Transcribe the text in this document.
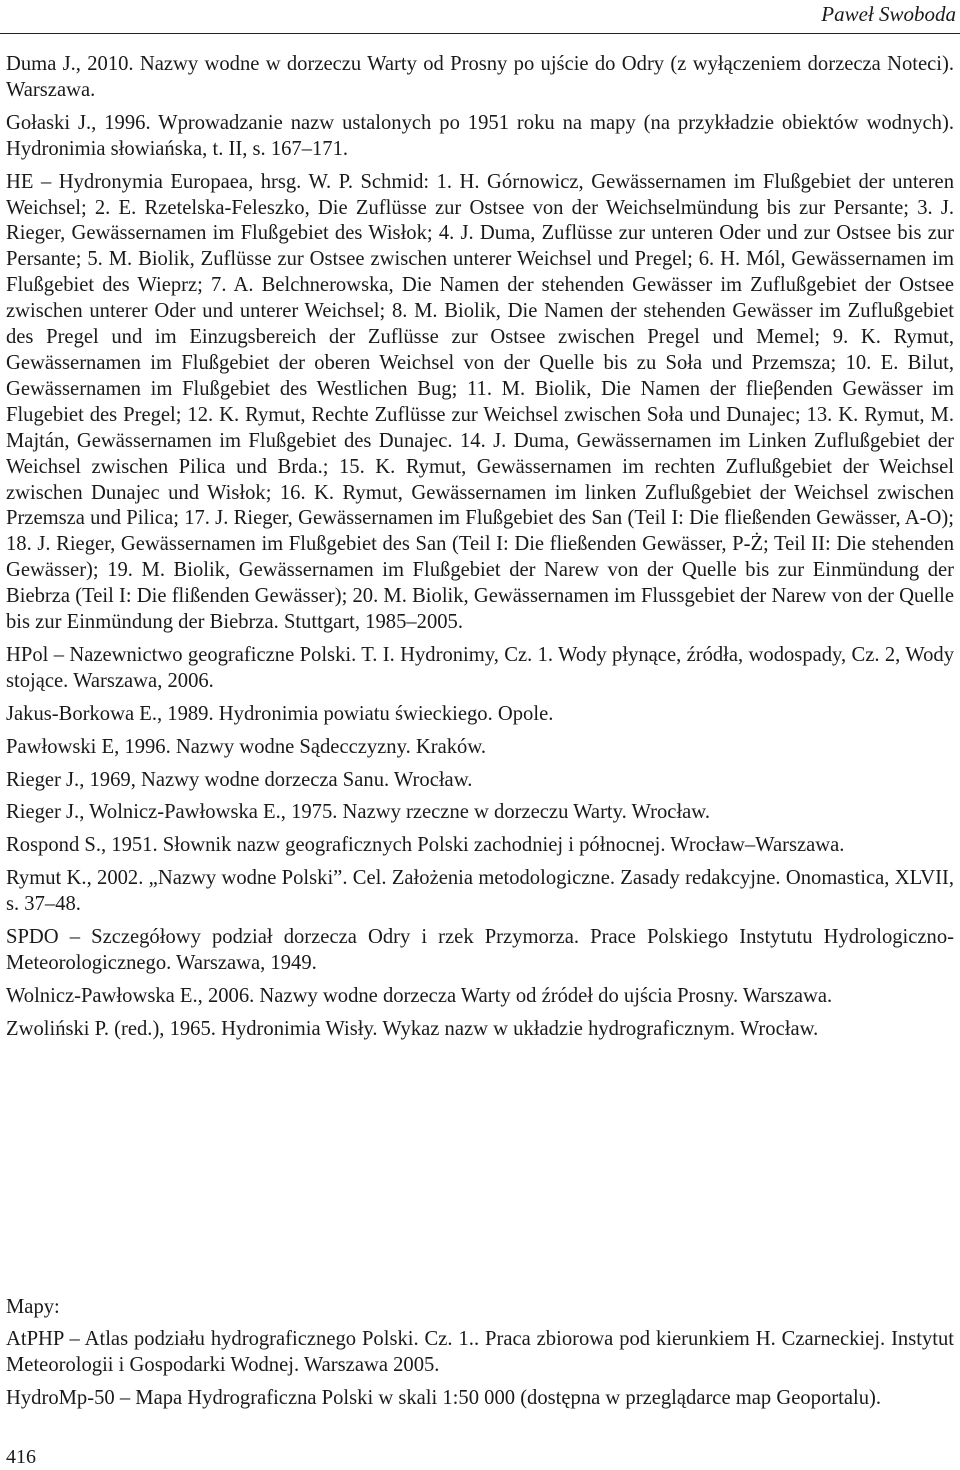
Paweł Swoboda

Duma J., 2010. Nazwy wodne w dorzeczu Warty od Prosny po ujście do Odry (z wyłączeniem dorzecza Noteci). Warszawa.

Gołaski J., 1996. Wprowadzanie nazw ustalonych po 1951 roku na mapy (na przykładzie obiektów wodnych). Hydronimia słowiańska, t. II, s. 167–171.

HE – Hydronymia Europaea, hrsg. W. P. Schmid: 1. H. Górnowicz, Gewässernamen im Flußgebiet der unteren Weichsel; 2. E. Rzetelska-Feleszko, Die Zuflüsse zur Ostsee von der Weichselmündung bis zur Persante; 3. J. Rieger, Gewässernamen im Flußgebiet des Wisłok; 4. J. Duma, Zuflüsse zur unteren Oder und zur Ostsee bis zur Persante; 5. M. Biolik, Zuflüsse zur Ostsee zwischen unterer Weichsel und Pregel; 6. H. Mól, Gewässernamen im Flußgebiet des Wieprz; 7. A. Belchnerowska, Die Namen der stehenden Gewässer im Zuflußgebiet der Ostsee zwischen unterer Oder und unterer Weichsel; 8. M. Biolik, Die Namen der stehenden Gewässer im Zuflußgebiet des Pregel und im Einzugsbereich der Zuflüsse zur Ostsee zwischen Pregel und Memel; 9. K. Rymut, Gewässernamen im Flußgebiet der oberen Weichsel von der Quelle bis zu Soła und Przemsza; 10. E. Bilut, Gewässernamen im Flußgebiet des Westlichen Bug; 11. M. Biolik, Die Namen der flieβenden Gewässer im Flugebiet des Pregel; 12. K. Rymut, Rechte Zuflüsse zur Weichsel zwischen Soła und Dunajec; 13. K. Rymut, M. Majtán, Gewässernamen im Flußgebiet des Dunajec. 14. J. Duma, Gewässernamen im Linken Zuflußgebiet der Weichsel zwischen Pilica und Brda.; 15. K. Rymut, Gewässernamen im rechten Zuflußgebiet der Weichsel zwischen Dunajec und Wisłok; 16. K. Rymut, Gewässernamen im linken Zuflußgebiet der Weichsel zwischen Przemsza und Pilica; 17. J. Rieger, Gewässernamen im Flußgebiet des San (Teil I: Die fließenden Gewässer, A-O); 18. J. Rieger, Gewässernamen im Flußgebiet des San (Teil I: Die fließenden Gewässer, P-Ż; Teil II: Die stehenden Gewässer); 19. M. Biolik, Gewässernamen im Flußgebiet der Narew von der Quelle bis zur Einmündung der Biebrza (Teil I: Die flißenden Gewässer); 20. M. Biolik, Gewässernamen im Flussgebiet der Narew von der Quelle bis zur Einmündung der Biebrza. Stuttgart, 1985–2005.

HPol – Nazewnictwo geograficzne Polski. T. I. Hydronimy, Cz. 1. Wody płynące, źródła, wodospady, Cz. 2, Wody stojące. Warszawa, 2006.

Jakus-Borkowa E., 1989. Hydronimia powiatu świeckiego. Opole.

Pawłowski E, 1996. Nazwy wodne Sądecczyzny. Kraków.

Rieger J., 1969, Nazwy wodne dorzecza Sanu. Wrocław.

Rieger J., Wolnicz-Pawłowska E., 1975. Nazwy rzeczne w dorzeczu Warty. Wrocław.

Rospond S., 1951. Słownik nazw geograficznych Polski zachodniej i północnej. Wrocław–Warszawa.

Rymut K., 2002. „Nazwy wodne Polski”. Cel. Założenia metodologiczne. Zasady redakcyjne. Onomastica, XLVII, s. 37–48.

SPDO – Szczegółowy podział dorzecza Odry i rzek Przymorza. Prace Polskiego Instytutu Hydrologiczno-Meteorologicznego. Warszawa, 1949.

Wolnicz-Pawłowska E., 2006. Nazwy wodne dorzecza Warty od źródeł do ujścia Prosny. Warszawa.

Zwoliński P. (red.), 1965. Hydronimia Wisły. Wykaz nazw w układzie hydrograficznym. Wrocław.

Mapy:

AtPHP – Atlas podziału hydrograficznego Polski. Cz. 1.. Praca zbiorowa pod kierunkiem H. Czarneckiej. Instytut Meteorologii i Gospodarki Wodnej. Warszawa 2005.

HydroMp-50 – Mapa Hydrograficzna Polski w skali 1:50 000 (dostępna w przeglądarce map Geoportalu).

416
